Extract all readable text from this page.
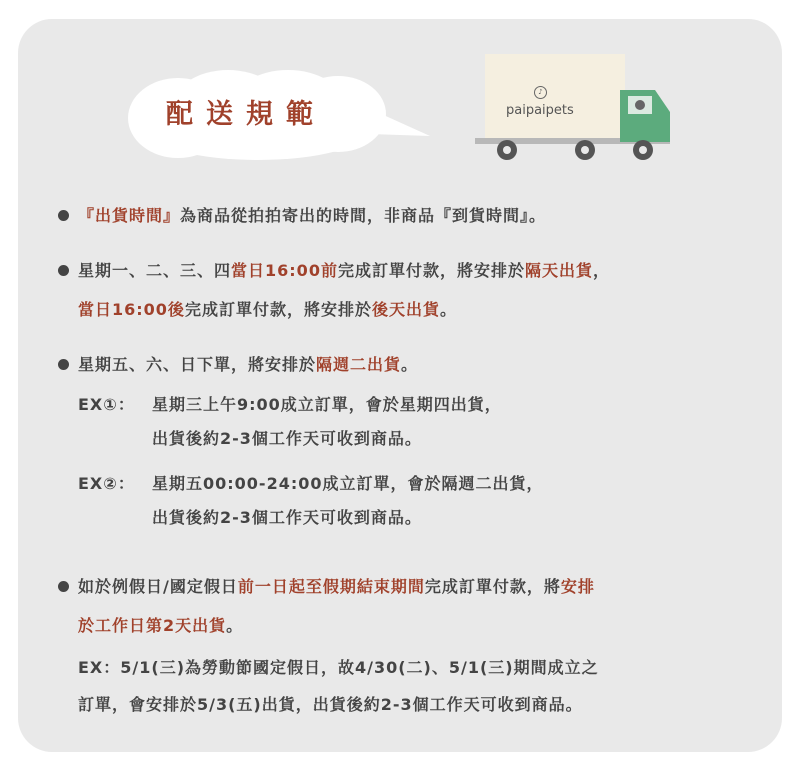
配送規範
♪
paipaipets
『出貨時間』為商品從拍拍寄出的時間，非商品『到貨時間』。
星期一、二、三、四當日16:00前完成訂單付款，將安排於隔天出貨，
當日16:00後完成訂單付款，將安排於後天出貨。
星期五、六、日下單，將安排於隔週二出貨。
EX①： 星期三上午9:00成立訂單，會於星期四出貨，
出貨後約2-3個工作天可收到商品。
EX②： 星期五00:00-24:00成立訂單，會於隔週二出貨，
出貨後約2-3個工作天可收到商品。
如於例假日/國定假日前一日起至假期結束期間完成訂單付款，將安排
於工作日第2天出貨。
EX：5/1(三)為勞動節國定假日，故4/30(二)、5/1(三)期間成立之
訂單，會安排於5/3(五)出貨，出貨後約2-3個工作天可收到商品。
